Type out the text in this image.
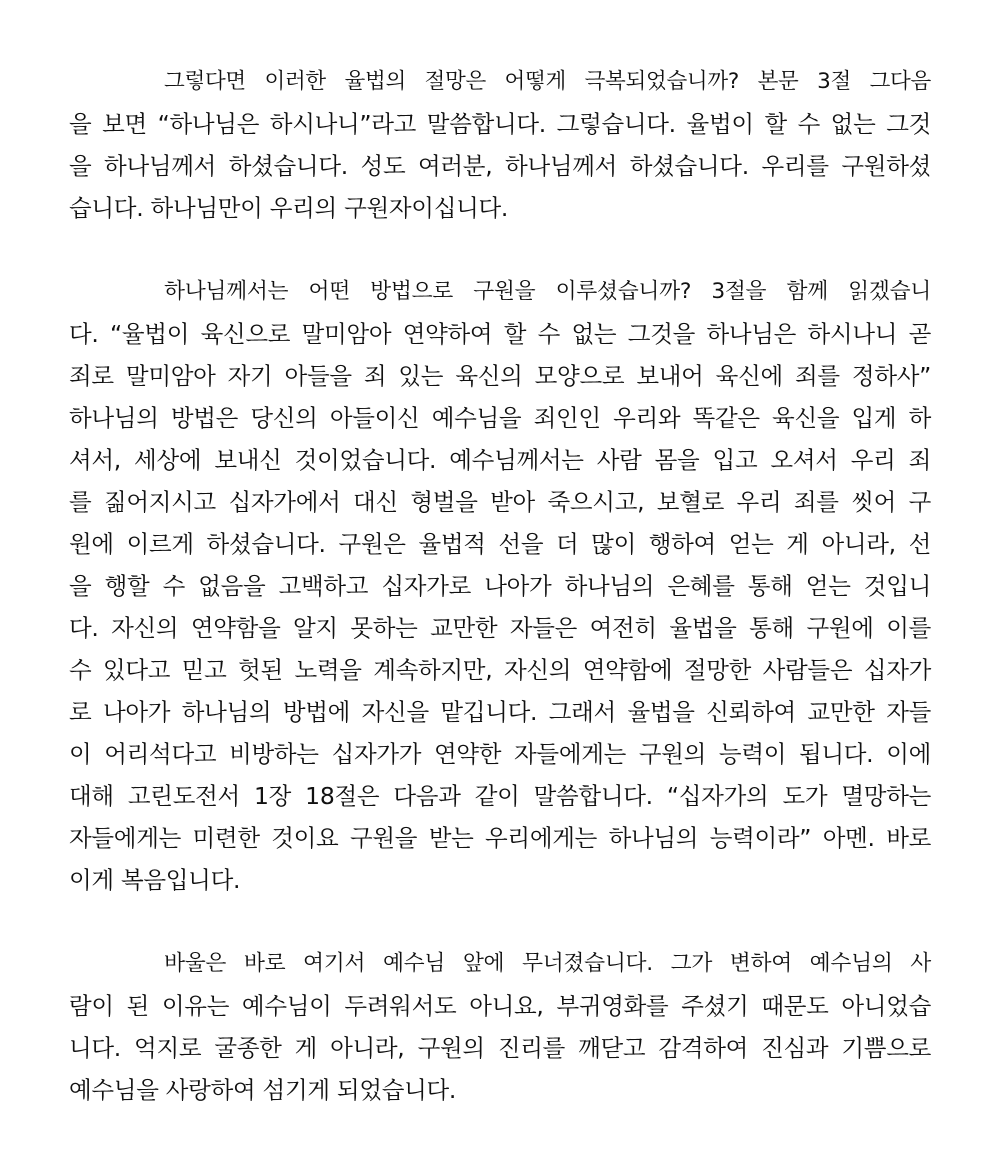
그렇다면 이러한 율법의 절망은 어떻게 극복되었습니까? 본문 3절 그다음
을 보면 “하나님은 하시나니”라고 말씀합니다. 그렇습니다. 율법이 할 수 없는 그것
을 하나님께서 하셨습니다. 성도 여러분, 하나님께서 하셨습니다. 우리를 구원하셨
습니다. 하나님만이 우리의 구원자이십니다.
하나님께서는 어떤 방법으로 구원을 이루셨습니까? 3절을 함께 읽겠습니
다. “율법이 육신으로 말미암아 연약하여 할 수 없는 그것을 하나님은 하시나니 곧
죄로 말미암아 자기 아들을 죄 있는 육신의 모양으로 보내어 육신에 죄를 정하사”
하나님의 방법은 당신의 아들이신 예수님을 죄인인 우리와 똑같은 육신을 입게 하
셔서, 세상에 보내신 것이었습니다. 예수님께서는 사람 몸을 입고 오셔서 우리 죄
를 짊어지시고 십자가에서 대신 형벌을 받아 죽으시고, 보혈로 우리 죄를 씻어 구
원에 이르게 하셨습니다. 구원은 율법적 선을 더 많이 행하여 얻는 게 아니라, 선
을 행할 수 없음을 고백하고 십자가로 나아가 하나님의 은혜를 통해 얻는 것입니
다. 자신의 연약함을 알지 못하는 교만한 자들은 여전히 율법을 통해 구원에 이를
수 있다고 믿고 헛된 노력을 계속하지만, 자신의 연약함에 절망한 사람들은 십자가
로 나아가 하나님의 방법에 자신을 맡깁니다. 그래서 율법을 신뢰하여 교만한 자들
이 어리석다고 비방하는 십자가가 연약한 자들에게는 구원의 능력이 됩니다. 이에
대해 고린도전서 1장 18절은 다음과 같이 말씀합니다. “십자가의 도가 멸망하는
자들에게는 미련한 것이요 구원을 받는 우리에게는 하나님의 능력이라” 아멘. 바로
이게 복음입니다.
바울은 바로 여기서 예수님 앞에 무너졌습니다. 그가 변하여 예수님의 사
람이 된 이유는 예수님이 두려워서도 아니요, 부귀영화를 주셨기 때문도 아니었습
니다. 억지로 굴종한 게 아니라, 구원의 진리를 깨닫고 감격하여 진심과 기쁨으로
예수님을 사랑하여 섬기게 되었습니다.
